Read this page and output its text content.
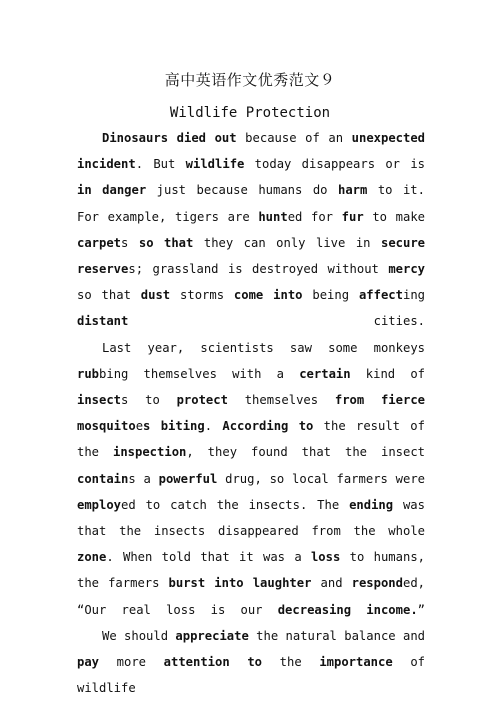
高中英语作文优秀范文９
Wildlife Protection

Dinosaurs died out because of an unexpected incident. But wildlife today disappears or is in danger just because humans do harm to it. For example, tigers are hunted for fur to make carpets so that they can only live in secure reserves; grassland is destroyed without mercy so that dust storms come into being affecting distant cities.

Last year, scientists saw some monkeys rubbing themselves with a certain kind of insects to protect themselves from fierce mosquitoes biting. According to the result of the inspection, they found that the insect contains a powerful drug, so local farmers were employed to catch the insects. The ending was that the insects disappeared from the whole zone. When told that it was a loss to humans, the farmers burst into laughter and responded, “Our real loss is our decreasing income.”

We should appreciate the natural balance and pay more attention to the importance of wildlife
